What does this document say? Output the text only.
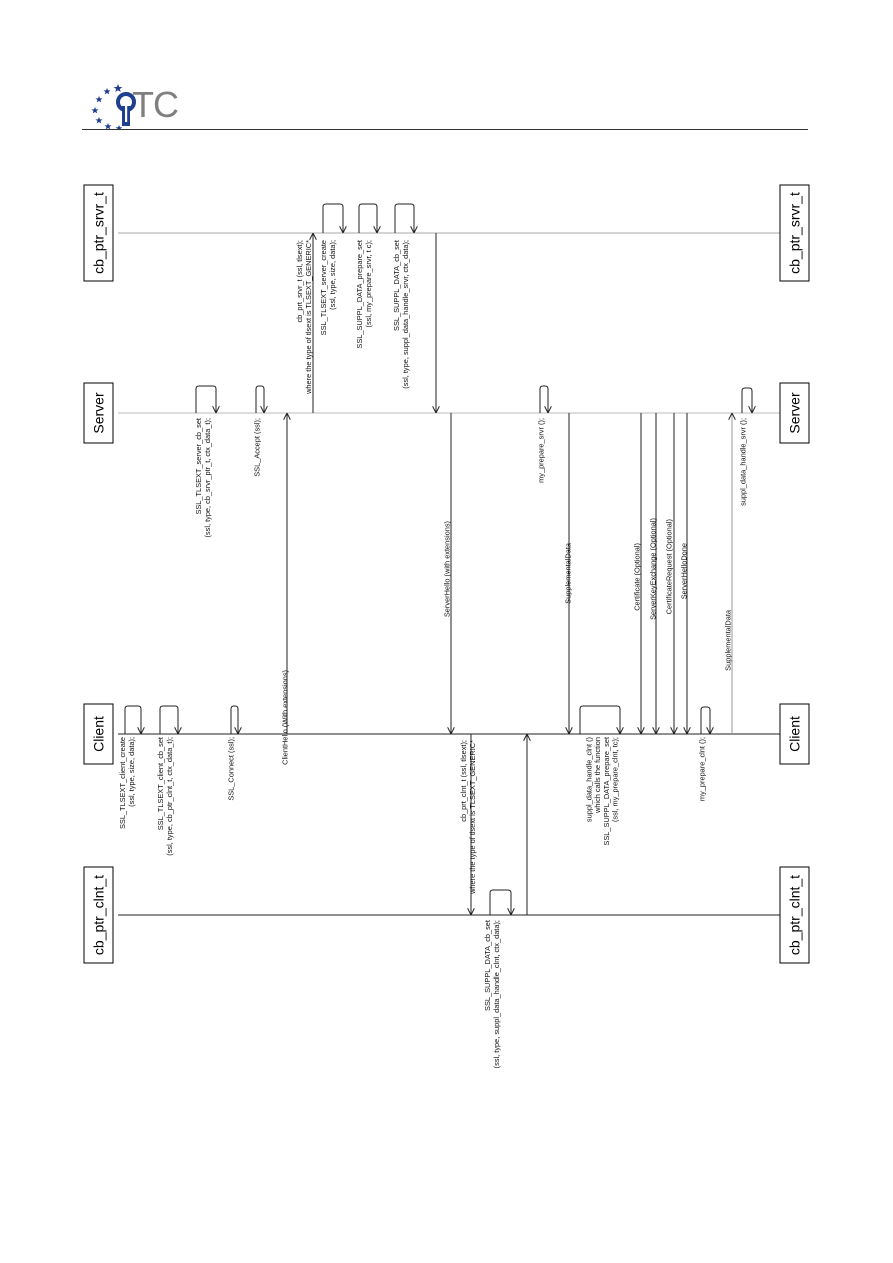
TC
cb_ptr_srvr_t	cb_ptr_srvr_t
Server	Server
Client	Client
cb_ptr_clnt_t	cb_ptr_clnt_t
SSL_TLSEXT_client_create (ssl, type, size, data);	SSL_TLSEXT_client_cb_set (ssl, type, cb_ptr_clnt_t, ctx_data_t);	SSL_Connect (ssl);
ClientHello (With extensions)
SSL_TLSEXT_server_cb_set (ssl, type, cb_srvr_ptr_t, ctx_data_t);	SSL_Accept (ssl);
cb_prt_srvr_t (ssl, tlsext); where the type of tlsext is TLSEXT_GENERIC* SSL_TLSEXT_server_create (ssl, type, size, data); SSL_SUPPL_DATA_prepare_set (ssl, my_prepare_srvr, t c);	SSL_SUPPL_DATA_cb_set (ssl, type, suppl_data_handle_srvr, ctx_data);
ServerHello (with extensions)
cb_prt_clnt_t (ssl, tlsext); where the type of tlsext is TLSEXT_GENERIC*
SSL_SUPPL_DATA_cb_set (ssl, type, suppl_data_handle_clnt, ctx_data);
my_prepare_srvr ();
SupplementalData
suppl_data_handle_clnt () which calls the function SSL_SUPPL_DATA_prepare_set (ssl, my_prepare_clnt, tc);
Certificate (Optional) ServerKeyExchange (Optional) CertificateRequest (Optional) ServerHelloDone
my_prepare_clnt ();
SupplementalData
suppl_data_handle_srvr ();
